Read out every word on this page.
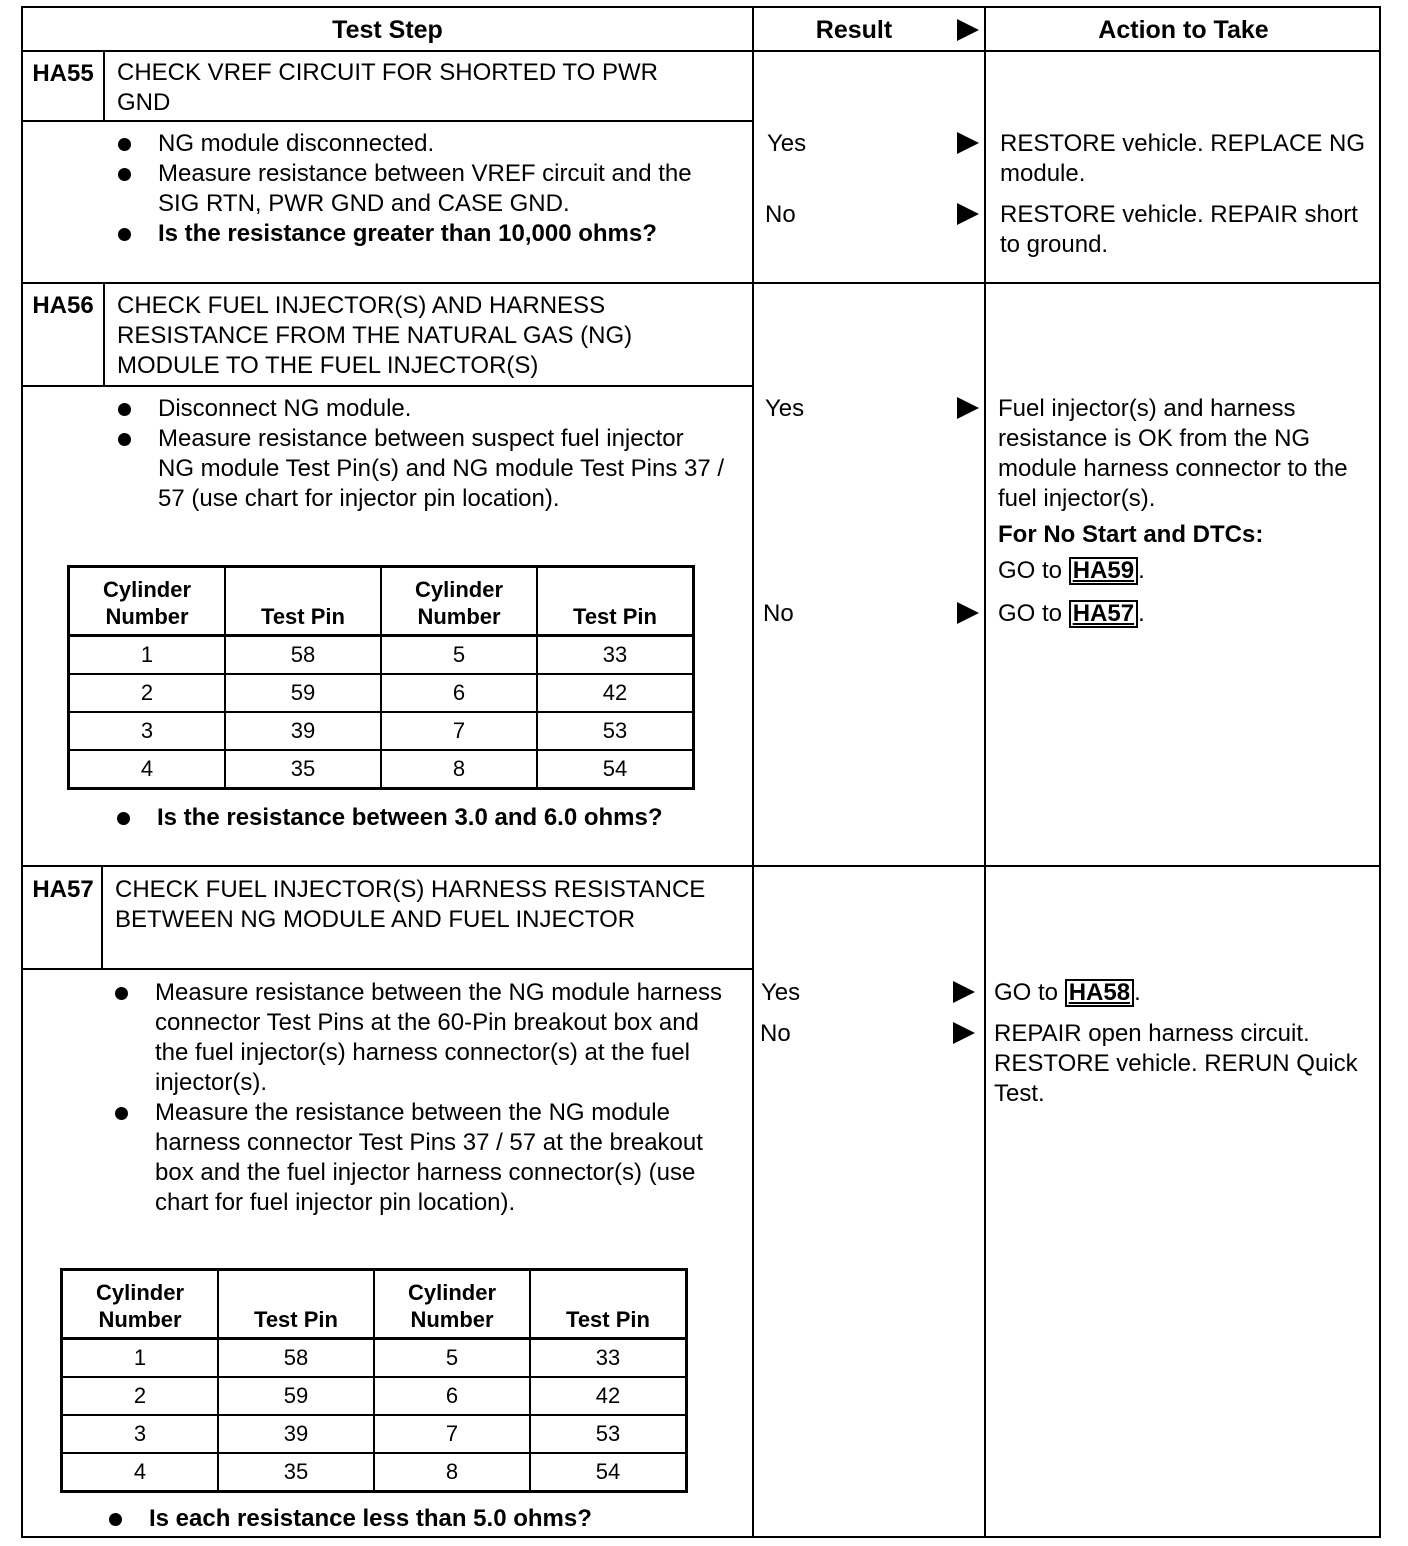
Test Step	Result	Action to Take
HA55 CHECK VREF CIRCUIT FOR SHORTED TO PWR GND
NG module disconnected.
Measure resistance between VREF circuit and the SIG RTN, PWR GND and CASE GND.
Is the resistance greater than 10,000 ohms?
Yes	RESTORE vehicle. REPLACE NG module.
No	RESTORE vehicle. REPAIR short to ground.
HA56 CHECK FUEL INJECTOR(S) AND HARNESS RESISTANCE FROM THE NATURAL GAS (NG) MODULE TO THE FUEL INJECTOR(S)
Disconnect NG module.
Measure resistance between suspect fuel injector NG module Test Pin(s) and NG module Test Pins 37 / 57 (use chart for injector pin location).
Cylinder Number	Test Pin	Cylinder Number	Test Pin
1	58	5	33
2	59	6	42
3	39	7	53
4	35	8	54
Is the resistance between 3.0 and 6.0 ohms?
Yes	Fuel injector(s) and harness resistance is OK from the NG module harness connector to the fuel injector(s).
For No Start and DTCs:
GO to HA59 .
No	GO to HA57 .
HA57 CHECK FUEL INJECTOR(S) HARNESS RESISTANCE BETWEEN NG MODULE AND FUEL INJECTOR
Measure resistance between the NG module harness connector Test Pins at the 60-Pin breakout box and the fuel injector(s) harness connector(s) at the fuel injector(s).
Measure the resistance between the NG module harness connector Test Pins 37 / 57 at the breakout box and the fuel injector harness connector(s) (use chart for fuel injector pin location).
Cylinder Number	Test Pin	Cylinder Number	Test Pin
1	58	5	33
2	59	6	42
3	39	7	53
4	35	8	54
Is each resistance less than 5.0 ohms?
Yes	GO to HA58 .
No	REPAIR open harness circuit. RESTORE vehicle. RERUN Quick Test.
